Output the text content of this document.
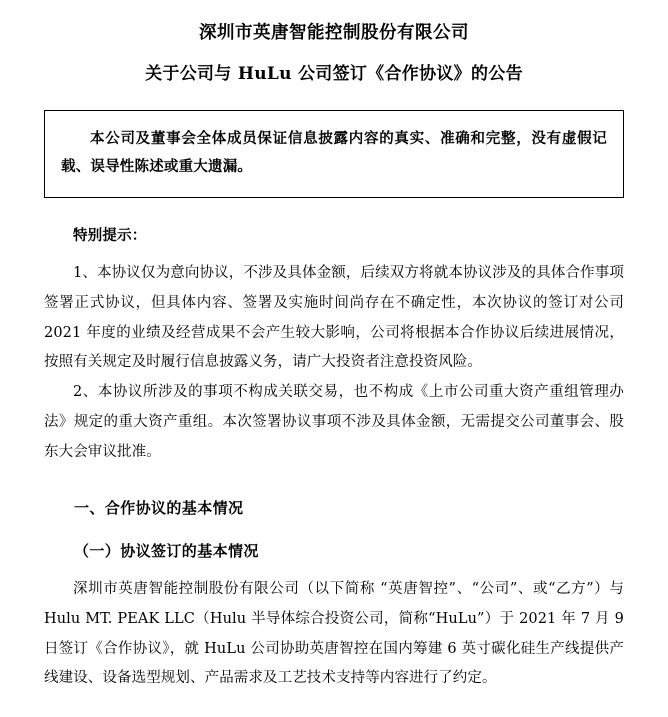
深圳市英唐智能控制股份有限公司
关于公司与 HuLu 公司签订《合作协议》的公告

本公司及董事会全体成员保证信息披露内容的真实、准确和完整，没有虚假记载、误导性陈述或重大遗漏。

特别提示：

1、本协议仅为意向协议，不涉及具体金额，后续双方将就本协议涉及的具体合作事项签署正式协议，但具体内容、签署及实施时间尚存在不确定性，本次协议的签订对公司 2021 年度的业绩及经营成果不会产生较大影响，公司将根据本合作协议后续进展情况，按照有关规定及时履行信息披露义务，请广大投资者注意投资风险。

2、本协议所涉及的事项不构成关联交易，也不构成《上市公司重大资产重组管理办法》规定的重大资产重组。本次签署协议事项不涉及具体金额，无需提交公司董事会、股东大会审议批准。

一、合作协议的基本情况
（一）协议签订的基本情况

深圳市英唐智能控制股份有限公司（以下简称 “英唐智控”、“公司”、或“乙方”）与 Hulu MT. PEAK LLC（Hulu 半导体综合投资公司，简称“HuLu”）于 2021 年 7 月 9 日签订《合作协议》，就 HuLu 公司协助英唐智控在国内筹建 6 英寸碳化硅生产线提供产线建设、设备选型规划、产品需求及工艺技术支持等内容进行了约定。
